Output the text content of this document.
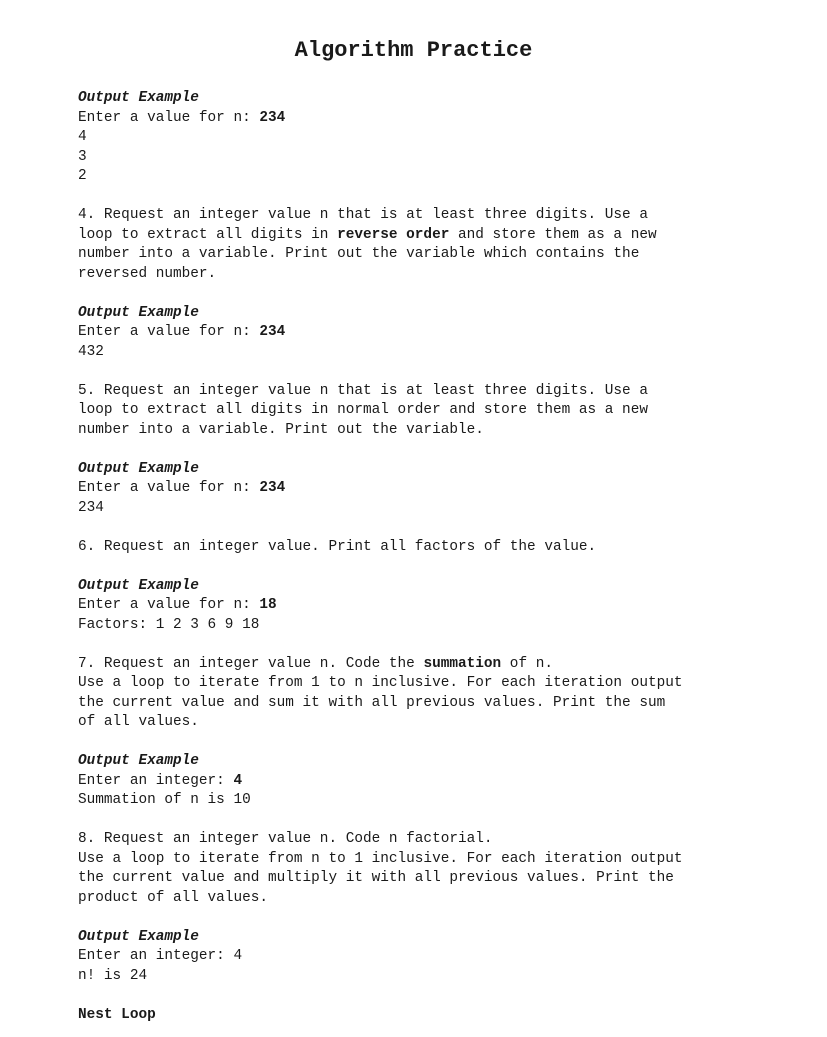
Algorithm Practice
Output Example
Enter a value for n: 234
4
3
2
4. Request an integer value n that is at least three digits. Use a
loop to extract all digits in reverse order and store them as a new
number into a variable. Print out the variable which contains the
reversed number.
Output Example
Enter a value for n: 234
432
5. Request an integer value n that is at least three digits. Use a
loop to extract all digits in normal order and store them as a new
number into a variable. Print out the variable.
Output Example
Enter a value for n: 234
234
6. Request an integer value. Print all factors of the value.
Output Example
Enter a value for n: 18
Factors: 1 2 3 6 9 18
7. Request an integer value n. Code the summation of n.
Use a loop to iterate from 1 to n inclusive. For each iteration output
the current value and sum it with all previous values. Print the sum
of all values.
Output Example
Enter an integer: 4
Summation of n is 10
8. Request an integer value n. Code n factorial.
Use a loop to iterate from n to 1 inclusive. For each iteration output
the current value and multiply it with all previous values. Print the
product of all values.
Output Example
Enter an integer: 4
n! is 24
Nest Loop
